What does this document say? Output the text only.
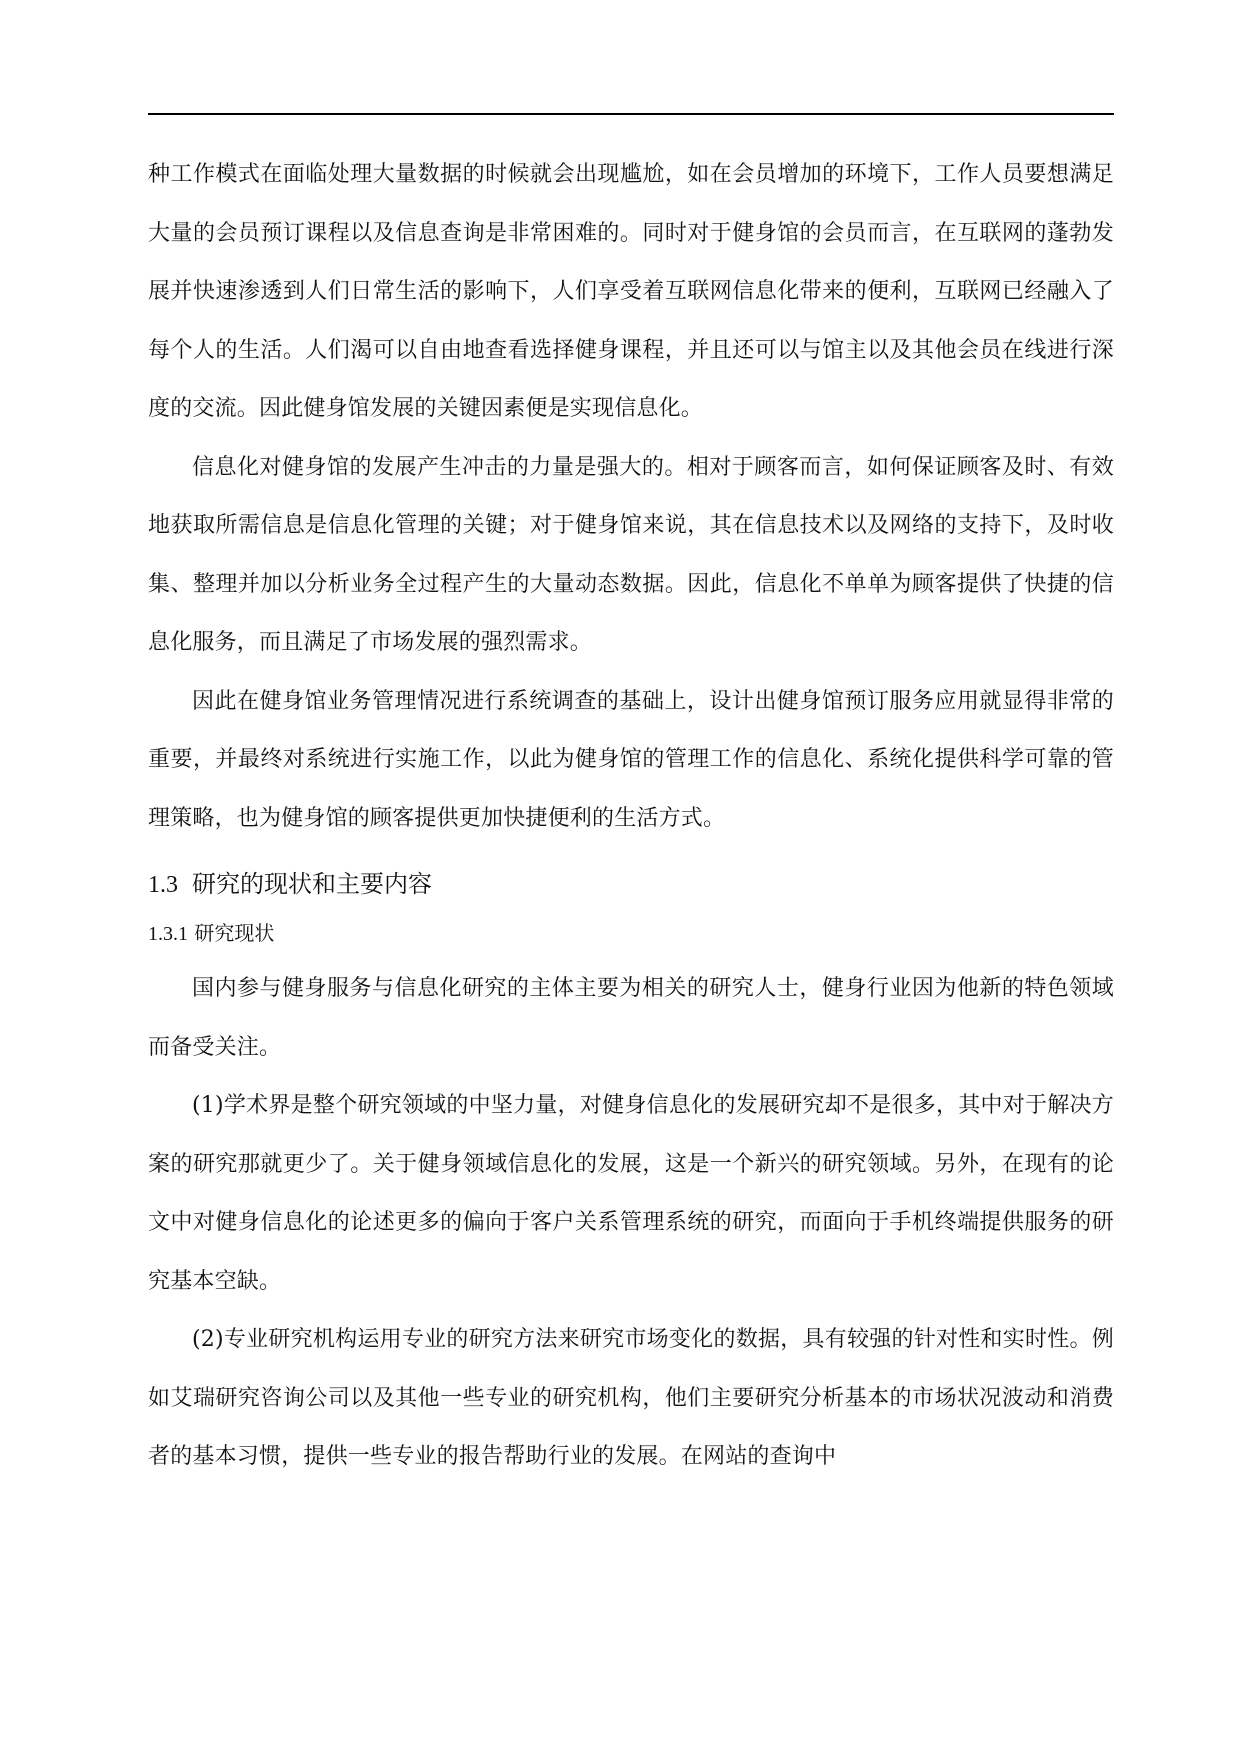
种工作模式在面临处理大量数据的时候就会出现尴尬，如在会员增加的环境下，工作人员要想满足大量的会员预订课程以及信息查询是非常困难的。同时对于健身馆的会员而言，在互联网的蓬勃发展并快速渗透到人们日常生活的影响下，人们享受着互联网信息化带来的便利，互联网已经融入了每个人的生活。人们渴可以自由地查看选择健身课程，并且还可以与馆主以及其他会员在线进行深度的交流。因此健身馆发展的关键因素便是实现信息化。

信息化对健身馆的发展产生冲击的力量是强大的。相对于顾客而言，如何保证顾客及时、有效地获取所需信息是信息化管理的关键；对于健身馆来说，其在信息技术以及网络的支持下，及时收集、整理并加以分析业务全过程产生的大量动态数据。因此，信息化不单单为顾客提供了快捷的信息化服务，而且满足了市场发展的强烈需求。

因此在健身馆业务管理情况进行系统调查的基础上，设计出健身馆预订服务应用就显得非常的重要，并最终对系统进行实施工作，以此为健身馆的管理工作的信息化、系统化提供科学可靠的管理策略，也为健身馆的顾客提供更加快捷便利的生活方式。

1.3 研究的现状和主要内容
1.3.1 研究现状

国内参与健身服务与信息化研究的主体主要为相关的研究人士，健身行业因为他新的特色领域而备受关注。

(1)学术界是整个研究领域的中坚力量，对健身信息化的发展研究却不是很多，其中对于解决方案的研究那就更少了。关于健身领域信息化的发展，这是一个新兴的研究领域。另外，在现有的论文中对健身信息化的论述更多的偏向于客户关系管理系统的研究，而面向于手机终端提供服务的研究基本空缺。

(2)专业研究机构运用专业的研究方法来研究市场变化的数据，具有较强的针对性和实时性。例如艾瑞研究咨询公司以及其他一些专业的研究机构，他们主要研究分析基本的市场状况波动和消费者的基本习惯，提供一些专业的报告帮助行业的发展。在网站的查询中
